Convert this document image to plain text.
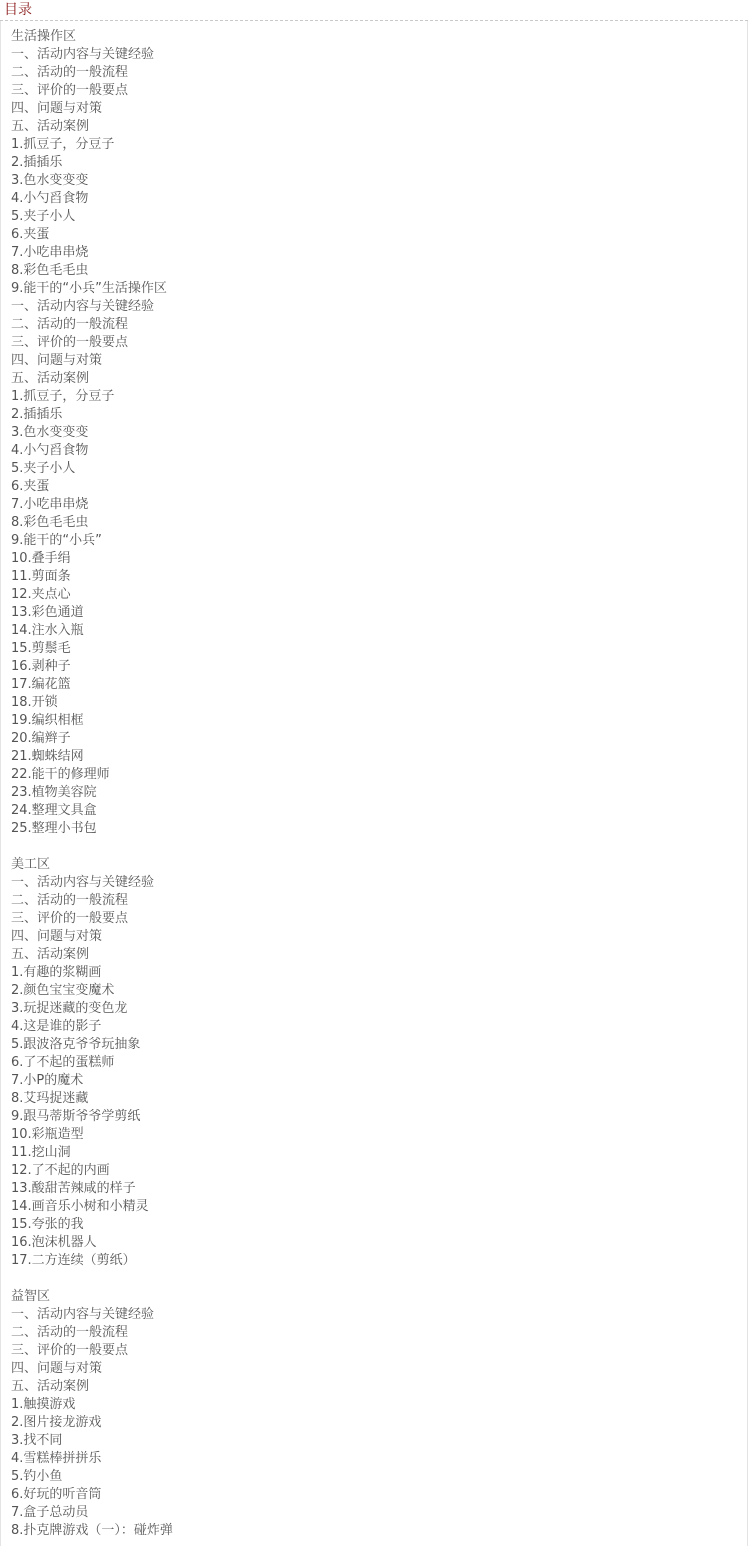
目录
生活操作区
一、活动内容与关键经验
二、活动的一般流程
三、评价的一般要点
四、问题与对策
五、活动案例
1.抓豆子，分豆子
2.插插乐
3.色水变变变
4.小勺舀食物
5.夹子小人
6.夹蛋
7.小吃串串烧
8.彩色毛毛虫
9.能干的“小兵”生活操作区
一、活动内容与关键经验
二、活动的一般流程
三、评价的一般要点
四、问题与对策
五、活动案例
1.抓豆子，分豆子
2.插插乐
3.色水变变变
4.小勺舀食物
5.夹子小人
6.夹蛋
7.小吃串串烧
8.彩色毛毛虫
9.能干的“小兵”
10.叠手绢
11.剪面条
12.夹点心
13.彩色通道
14.注水入瓶
15.剪鬃毛
16.剥种子
17.编花篮
18.开锁
19.编织相框
20.编辫子
21.蜘蛛结网
22.能干的修理师
23.植物美容院
24.整理文具盒
25.整理小书包
美工区
一、活动内容与关键经验
二、活动的一般流程
三、评价的一般要点
四、问题与对策
五、活动案例
1.有趣的浆糊画
2.颜色宝宝变魔术
3.玩捉迷藏的变色龙
4.这是谁的影子
5.跟波洛克爷爷玩抽象
6.了不起的蛋糕师
7.小P的魔术
8.艾玛捉迷藏
9.跟马蒂斯爷爷学剪纸
10.彩瓶造型
11.挖山洞
12.了不起的内画
13.酸甜苦辣咸的样子
14.画音乐小树和小精灵
15.夸张的我
16.泡沫机器人
17.二方连续（剪纸）
益智区
一、活动内容与关键经验
二、活动的一般流程
三、评价的一般要点
四、问题与对策
五、活动案例
1.触摸游戏
2.图片接龙游戏
3.找不同
4.雪糕棒拼拼乐
5.钓小鱼
6.好玩的听音筒
7.盒子总动员
8.扑克牌游戏（一）：碰炸弹
